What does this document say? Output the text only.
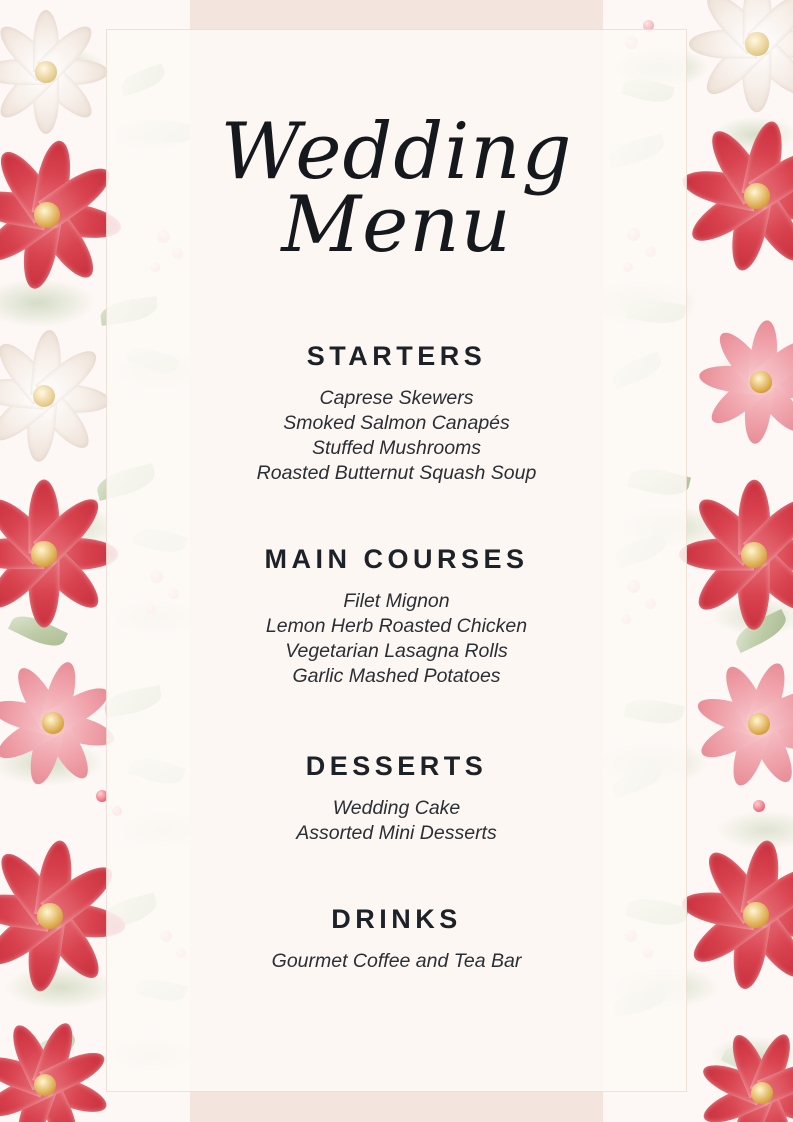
Wedding
Menu
STARTERS
Caprese Skewers
Smoked Salmon Canapés
Stuffed Mushrooms
Roasted Butternut Squash Soup
MAIN COURSES
Filet Mignon
Lemon Herb Roasted Chicken
Vegetarian Lasagna Rolls
Garlic Mashed Potatoes
DESSERTS
Wedding Cake
Assorted Mini Desserts
DRINKS
Gourmet Coffee and Tea Bar
